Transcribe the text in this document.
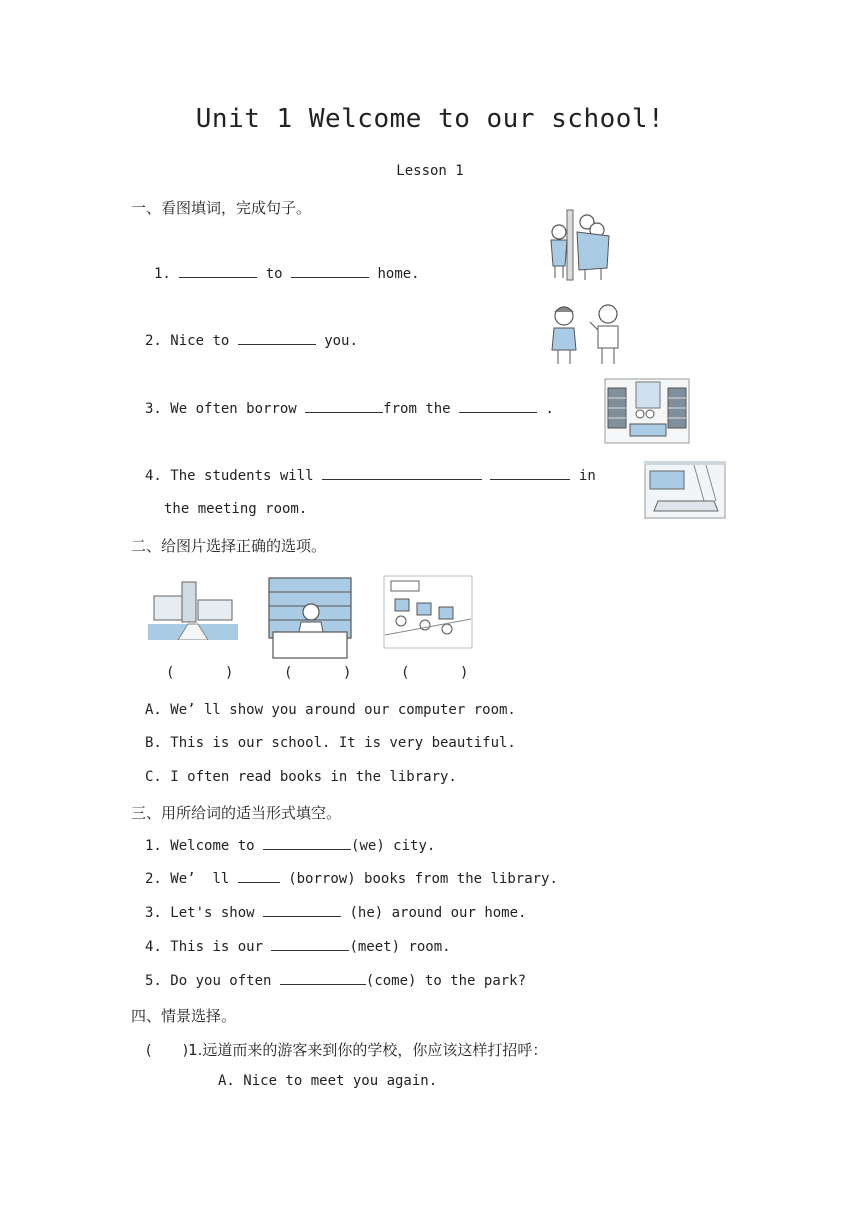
Unit 1 Welcome to our school!
Lesson 1
一、看图填词，完成句子。
1.	to	home.
2. Nice to	you.
3. We often borrow	from the	.
4. The students will	in
the meeting room.
二、给图片选择正确的选项。
(      )	(      )	(      )
A. We’ ll show you around our computer room.
B. This is our school. It is very beautiful.
C. I often read books in the library.
三、用所给词的适当形式填空。
1. Welcome to	(we) city.
2. We’  ll	(borrow) books from the library.
3. Let's show	(he) around our home.
4. This is our	(meet) room.
5. Do you often	(come) to the park?
四、情景选择。
(       )1.远道而来的游客来到你的学校，你应该这样打招呼：
A. Nice to meet you again.
